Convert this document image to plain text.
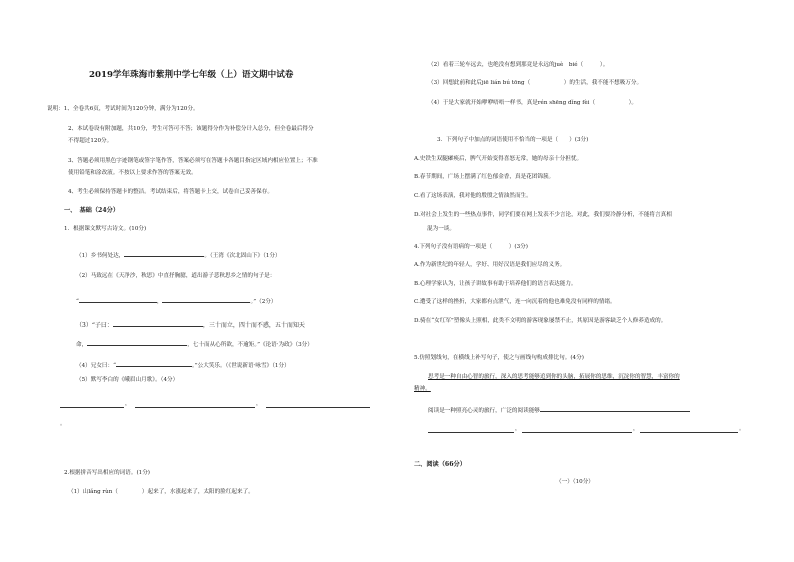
2019学年珠海市紫荆中学七年级（上）语文期中试卷
说明：1、全卷共6页，考试时间为120分钟，满分为120分。
2、本试卷设有附加题，共10分，考生可答可不答；该题得分作为补偿分计入总分，但全卷最后得分
不得超过120分。
3、答题必须用黑色字迹钢笔或签字笔作答，答案必须写在答题卡各题目指定区域内相应位置上；不准
使用铅笔和涂改液。不按以上要求作答的答案无效。
4、考生必须保持答题卡的整洁。考试结束后，将答题卡上交，试卷自己妥善保存。
一、　基础（24分）
1．根据课文默写古诗文。(10分)
（1）乡书何处达，	。（王湾《次北固山下》（1分）
（2）马致远在《天净沙，秋思》中直抒胸臆，道出游子悲秋思乡之情的句子是：
“	，	。”（2分）
（3）“子曰：	，三十而立，四十而不惑，五十而知天
命，	，七十而从心所欲，不逾矩。”《论语·为政》（3分）
（4）兄女曰：“	。”公大笑乐。（《世说新语·咏雪》（1分）
（5）默写李白的《峨眉山月歌》。（4分）
，	，
。
2.根据拼音写出相应的词语。(1分)
（1）山lǎng rùn（	）起来了，水涨起来了，太阳的脸红起来了。
（2）看着三轮车远去，也绝没有想到那竟是永远的juè　bié（　　　）。
（3）回想此前和此后jiē lián bú tōng（　　　　　　）的生活，我不能不想吸万分。
（4）于是大家就开始咿咿唔唔一样书，真是rén shēng dǐng fèi（　　　　　　）。
3．下列句子中加点的词语使用不恰当的一项是（　　）(3分)
A.史铁生双腿瘫痪后，脾气开始变得喜怒无常，她的母亲十分担忧。
B.春节期间，广场上摆满了红色郁金香，真是花团锦簇。
C.看了这场表演，我对他的殷殷之情油然而生。
D.对社会上发生的一些热点事件，同学们要在网上发表不少言论，对此，我们要冷静分析，不能将言真相
混为一谈。
4.下列句子没有语病的一项是（　　　）(3分)
A.作为新世纪的年轻人，学好、用好汉语是我们应尽的义务。
B.心理学家认为，让孩子讲故事有助于培养他们的语言表达能力。
C.遭受了这样的挫折，大家都有点泄气，连一向沉着的他也难免没有同样的情绪。
D.骑在“女红军”塑像头上照相，此类不文明的游客现象屡禁不止，其原因是游客缺乏个人修养造成的。
5.仿照划线句，在横线上补写句子，使之与画线句构成排比句。(4分)
思考是一种自由心智的旅行，深入的思考能够追到你的头脑，拓展你的思维，沉淀你的智慧，丰富你的
精神。
阅读是一种照亮心灵的旅行，广泛的阅读能够
，	，	。
二、阅读（66分）
（一）（10分）
